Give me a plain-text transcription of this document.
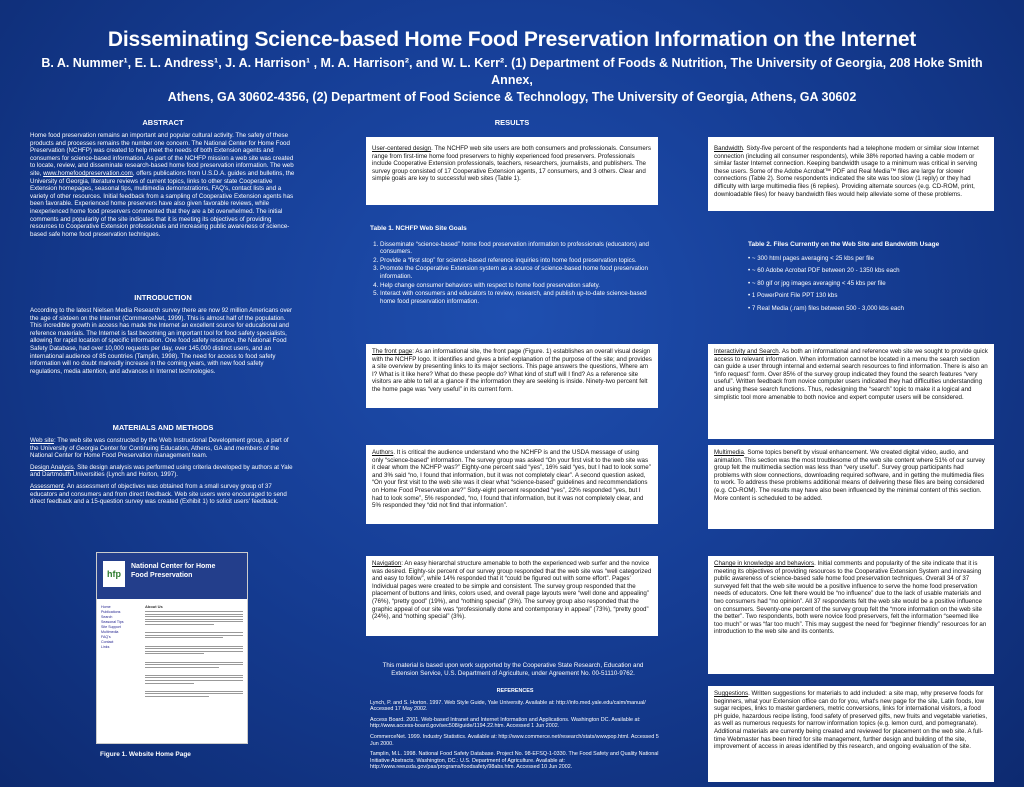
Disseminating Science-based Home Food Preservation Information on the Internet
B. A. Nummer¹, E. L. Andress¹, J. A. Harrison¹ , M. A. Harrison², and W. L. Kerr². (1) Department of Foods & Nutrition, The University of Georgia, 208 Hoke Smith Annex,
Athens, GA 30602-4356, (2) Department of Food Science & Technology, The University of Georgia, Athens, GA 30602
ABSTRACT
Home food preservation remains an important and popular cultural activity. The safety of these products and processes remains the number one concern. The National Center for Home Food Preservation (NCHFP) was created to help meet the needs of both Extension agents and consumers for science-based information. As part of the NCHFP mission a web site was created to locate, review, and disseminate research-based home food preservation information. The web site, www.homefoodpreservation.com, offers publications from U.S.D.A. guides and bulletins, the University of Georgia, literature reviews of current topics, links to other state Cooperative Extension homepages, seasonal tips, multimedia demonstrations, FAQ's, contact lists and a variety of other resources. Initial feedback from a sampling of Cooperative Extension agents has been favorable. Experienced home preservers have also given favorable reviews, while inexperienced home food preservers commented that they are a bit overwhelmed. The initial comments and popularity of the site indicates that it is meeting its objectives of providing resources to Cooperative Extension professionals and increasing public awareness of science-based safe home food preservation techniques.
INTRODUCTION
According to the latest Nielsen Media Research survey there are now 92 million Americans over the age of sixteen on the Internet (CommerceNet, 1999). This is almost half of the population. This incredible growth in access has made the Internet an excellent source for educational and reference materials. The Internet is fast becoming an important tool for food safety specialists, allowing for rapid location of specific information. One food safety resource, the National Food Safety Database, had over 10,000 requests per day, over 145,000 distinct users, and an international audience of 85 countries (Tamplin, 1998). The need for access to food safety information will no doubt markedly increase in the coming years, with new food safety regulations, media attention, and advances in Internet technologies.
MATERIALS AND METHODS
Web site: The web site was constructed by the Web Instructional Development group, a part of the University of Georgia Center for Continuing Education, Athens, GA and members of the National Center for Home Food Preservation management team.
Design Analysis. Site design analysis was performed using criteria developed by authors at Yale and Dartmouth Universities (Lynch and Horton, 1997).
Assessment. An assessment of objectives was obtained from a small survey group of 37 educators and consumers and from direct feedback. Web site users were encouraged to send direct feedback and a 15-question survey was created (Exhibit 1) to solicit users' feedback.
hfp
National Center for Home Food Preservation
Home
Publications
Search
Seasonal Tips
Site Support
Multimedia
FAQ's
Contact
Links
About Us
Figure 1. Website Home Page
RESULTS
User-centered design. The NCHFP web site users are both consumers and professionals. Consumers range from first-time home food preservers to highly experienced food preservers. Professionals include Cooperative Extension professionals, teachers, researchers, journalists, and publishers. The survey group consisted of 17 Cooperative Extension agents, 17 consumers, and 3 others. Clear and simple goals are key to successful web sites (Table 1).
Table 1. NCHFP Web Site Goals
1. Disseminate “science-based” home food preservation information to professionals (educators) and consumers.
2. Provide a “first stop” for science-based reference inquiries into home food preservation topics.
3. Promote the Cooperative Extension system as a source of science-based home food preservation information.
4. Help change consumer behaviors with respect to home food preservation safety.
5. Interact with consumers and educators to review, research, and publish up-to-date science-based home food preservation information.
The front page: As an informational site, the front page (Figure. 1) establishes an overall visual design with the NCHFP logo. It identifies and gives a brief explanation of the purpose of the site; and provides a site overview by presenting links to its major sections. This page answers the questions, Where am I? What is it like here? What do these people do? What kind of stuff will I find? As a reference site visitors are able to tell at a glance if the information they are seeking is inside. Ninety-two percent felt the home page was “very useful” in its current form.
Authors. It is critical the audience understand who the NCHFP is and the USDA message of using only “science-based” information. The survey group was asked “On your first visit to the web site was it clear whom the NCHFP was?” Eighty-one percent said “yes”, 16% said “yes, but I had to look some” and 3% said “no, I found that information, but it was not completely clear”. A second question asked, “On your first visit to the web site was it clear what “science-based” guidelines and recommendations on Home Food Preservation are?” Sixty-eight percent responded “yes”, 22% responded “yes, but I had to look some”, 5% responded, “no, I found that information, but it was not completely clear, and 5% responded they “did not find that information”.
Navigation: An easy hierarchal structure amenable to both the experienced web surfer and the novice was desired. Eighty-six percent of our survey group responded that the web site was “well categorized and easy to follow”, while 14% responded that it “could be figured out with some effort”. Pages’ Individual pages were created to be simple and consistent. The survey group responded that the placement of buttons and links, colors used, and overall page layouts were “well done and appealing” (76%), “pretty good” (19%), and “nothing special” (3%). The survey group also responded that the graphic appeal of our site was “professionally done and contemporary in appeal” (73%), “pretty good” (24%), and “nothing special” (3%).
This material is based upon work supported by the Cooperative State Research, Education and Extension Service, U.S. Department of Agriculture, under Agreement No. 00-51110-9762.
REFERENCES
Lynch, P. and S. Horton. 1997. Web Style Guide, Yale University. Available at: http://info.med.yale.edu/caim/manual/ Accessed 17 May 2002.
Access Board. 2001. Web-based Intranet and Internet Information and Applications. Washington DC. Available at: http://www.access-board.gov/sec508/guide/1194.22.htm. Accessed 1 Jun 2002.
CommerceNet. 1999. Industry Statistics. Available at: http://www.commerce.net/research/stats/wwwpop.html. Accessed 5 Jun 2000.
Tamplin, M.L. 1998. National Food Safety Database. Project No. 98-EFSQ-1-0330. The Food Safety and Quality National Initiative Abstracts. Washington, DC.: U.S. Department of Agriculture. Available at: http://www.reeusda.gov/pas/programs/foodsafety/98abs.htm. Accessed 10 Jun 2002.
Bandwidth. Sixty-five percent of the respondents had a telephone modem or similar slow Internet connection (including all consumer respondents), while 38% reported having a cable modem or similar faster Internet connection. Keeping bandwidth usage to a minimum was critical in serving these users. Some of the Adobe Acrobat™ PDF and Real Media™ files are large for slower connections (Table 2). Some respondents indicated the site was too slow (1 reply) or they had difficulty with large multimedia files (6 replies). Providing alternate sources (e.g. CD-ROM, print, downloadable files) for heavy bandwidth files would help alleviate some of these problems.
Table 2. Files Currently on the Web Site and Bandwidth Usage
• ~ 300 html pages averaging < 25 kbs per file
• ~ 60 Adobe Acrobat PDF between 20 - 1350 kbs each
• ~ 80 gif or jpg images averaging < 45 kbs per file
• 1 PowerPoint File PPT 130 kbs
• 7 Real Media (.ram) files between 500 - 3,000 kbs each
Interactivity and Search. As both an informational and reference web site we sought to provide quick access to relevant information. When information cannot be located in a menu the search section can guide a user through internal and external search resources to find information. There is also an “info request” form. Over 85% of the survey group indicated they found the search features “very useful”. Written feedback from novice computer users indicated they had difficulties understanding and using these search functions. Thus, redesigning the “search” topic to make it a logical and simplistic tool more amenable to both novice and expert computer users will be considered.
Multimedia. Some topics benefit by visual enhancement. We created digital video, audio, and animation. This section was the most troublesome of the web site content where 51% of our survey group felt the multimedia section was less than “very useful”. Survey group participants had problems with slow connections, downloading required software, and in getting the multimedia files to work. To address these problems additional means of delivering these files are being considered (e.g. CD-ROM). The results may have also been influenced by the minimal content of this section. More content is scheduled to be added.
Change in knowledge and behaviors. Initial comments and popularity of the site indicate that it is meeting its objectives of providing resources to the Cooperative Extension System and increasing public awareness of science-based safe home food preservation techniques. Overall 34 of 37 surveyed felt that the web site would be a positive influence to serve the home food preservation needs of educators. One felt there would be “no influence” due to the lack of usable materials and two consumers had “no opinion”. All 37 respondents felt the web site would be a positive influence on consumers. Seventy-one percent of the survey group felt the “more information on the web site the better”. Two respondents, both were novice food preservers, felt the information “seemed like too much” or was “far too much”. This may suggest the need for “beginner friendly” resources for an introduction to the web site and its contents.
Suggestions. Written suggestions for materials to add included: a site map, why preserve foods for beginners, what your Extension office can do for you, what's new page for the site, Latin foods, low sugar recipes, links to master gardeners, metric conversions, links for international visitors, a food pH guide, hazardous recipe listing, food safety of preserved gifts, new fruits and vegetable varieties, as well as numerous requests for narrow information topics (e.g. lemon curd, and pomegranate). Additional materials are currently being created and reviewed for placement on the web site. A full-time Webmaster has been hired for site management, further design and building of the site, improvement of access in areas identified by this research, and ongoing evaluation of the site.
